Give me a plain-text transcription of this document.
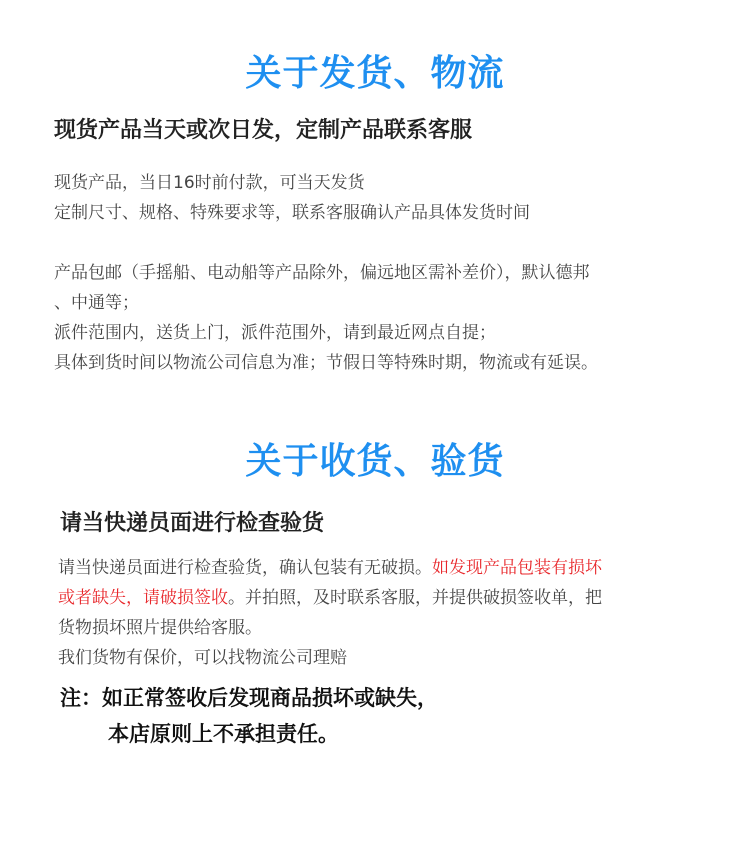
关于发货、物流
现货产品当天或次日发，定制产品联系客服

现货产品，当日16时前付款，可当天发货

定制尺寸、规格、特殊要求等，联系客服确认产品具体发货时间

产品包邮（手摇船、电动船等产品除外，偏远地区需补差价），默认德邦

、中通等；

派件范围内，送货上门，派件范围外，请到最近网点自提；

具体到货时间以物流公司信息为准；节假日等特殊时期，物流或有延误。

关于收货、验货
请当快递员面进行检查验货

请当快递员面进行检查验货，确认包装有无破损。如发现产品包装有损坏

或者缺失，请破损签收。并拍照，及时联系客服，并提供破损签收单，把

货物损坏照片提供给客服。

我们货物有保价，可以找物流公司理赔

注：如正常签收后发现商品损坏或缺失，
本店原则上不承担责任。
